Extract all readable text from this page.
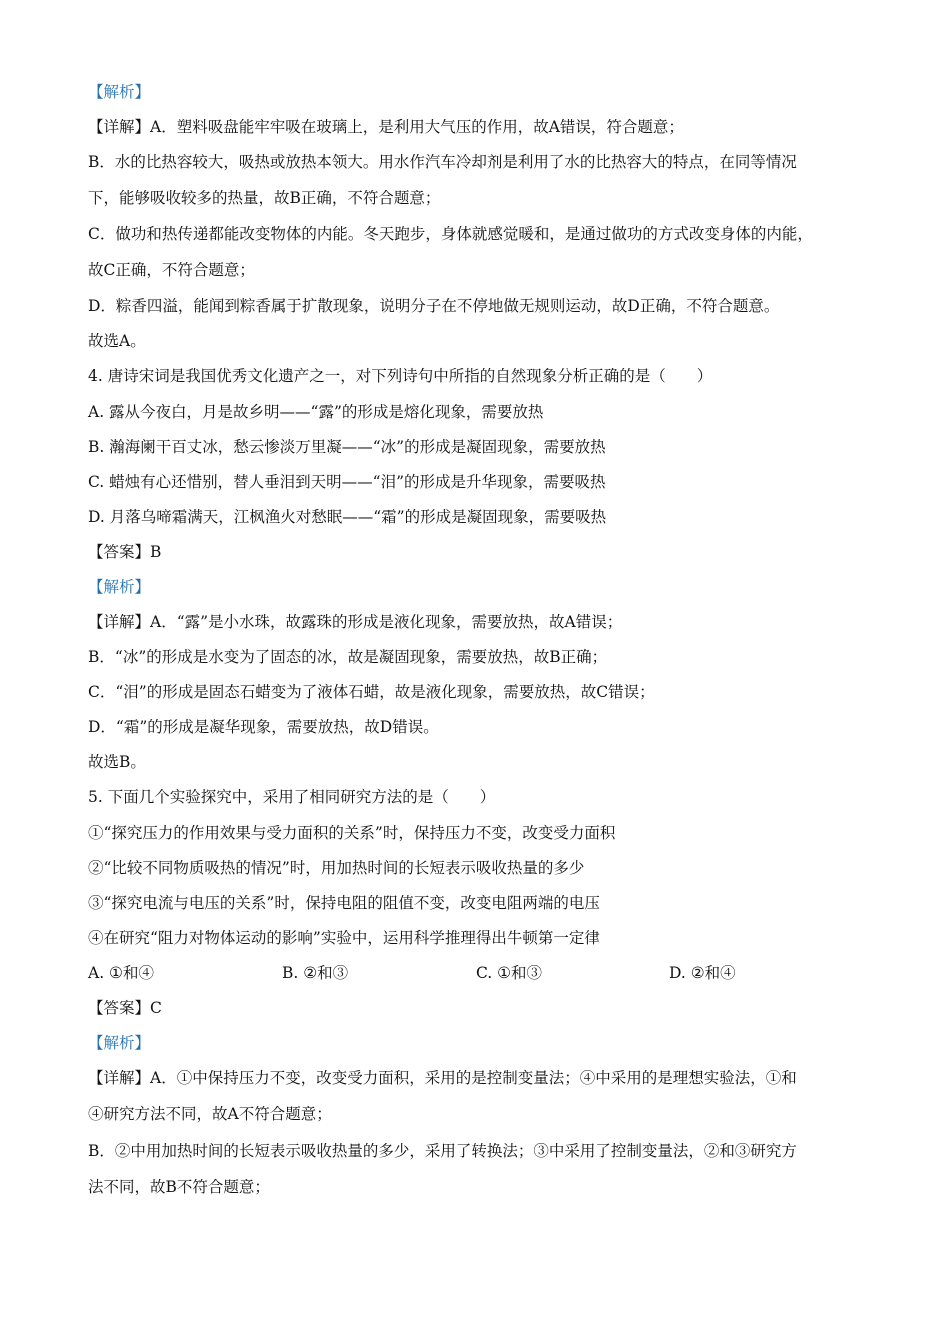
【解析】
【详解】A．塑料吸盘能牢牢吸在玻璃上，是利用大气压的作用，故A错误，符合题意；
B．水的比热容较大，吸热或放热本领大。用水作汽车冷却剂是利用了水的比热容大的特点，在同等情况
下，能够吸收较多的热量，故B正确，不符合题意；
C．做功和热传递都能改变物体的内能。冬天跑步，身体就感觉暖和，是通过做功的方式改变身体的内能，
故C正确，不符合题意；
D．粽香四溢，能闻到粽香属于扩散现象，说明分子在不停地做无规则运动，故D正确，不符合题意。
故选A。
4. 唐诗宋词是我国优秀文化遗产之一，对下列诗句中所指的自然现象分析正确的是（　　）
A. 露从今夜白，月是故乡明——“露”的形成是熔化现象，需要放热
B. 瀚海阑干百丈冰，愁云惨淡万里凝——“冰”的形成是凝固现象，需要放热
C. 蜡烛有心还惜别，替人垂泪到天明——“泪”的形成是升华现象，需要吸热
D. 月落乌啼霜满天，江枫渔火对愁眠——“霜”的形成是凝固现象，需要吸热
【答案】B
【解析】
【详解】A．“露”是小水珠，故露珠的形成是液化现象，需要放热，故A错误；
B．“冰”的形成是水变为了固态的冰，故是凝固现象，需要放热，故B正确；
C．“泪”的形成是固态石蜡变为了液体石蜡，故是液化现象，需要放热，故C错误；
D．“霜”的形成是凝华现象，需要放热，故D错误。
故选B。
5. 下面几个实验探究中，采用了相同研究方法的是（　　）
①“探究压力的作用效果与受力面积的关系”时，保持压力不变，改变受力面积
②“比较不同物质吸热的情况”时，用加热时间的长短表示吸收热量的多少
③“探究电流与电压的关系”时，保持电阻的阻值不变，改变电阻两端的电压
④在研究“阻力对物体运动的影响”实验中，运用科学推理得出牛顿第一定律
A. ①和④	B. ②和③	C. ①和③	D. ②和④
【答案】C
【解析】
【详解】A．①中保持压力不变，改变受力面积，采用的是控制变量法；④中采用的是理想实验法，①和
④研究方法不同，故A不符合题意；
B．②中用加热时间的长短表示吸收热量的多少，采用了转换法；③中采用了控制变量法，②和③研究方
法不同，故B不符合题意；
